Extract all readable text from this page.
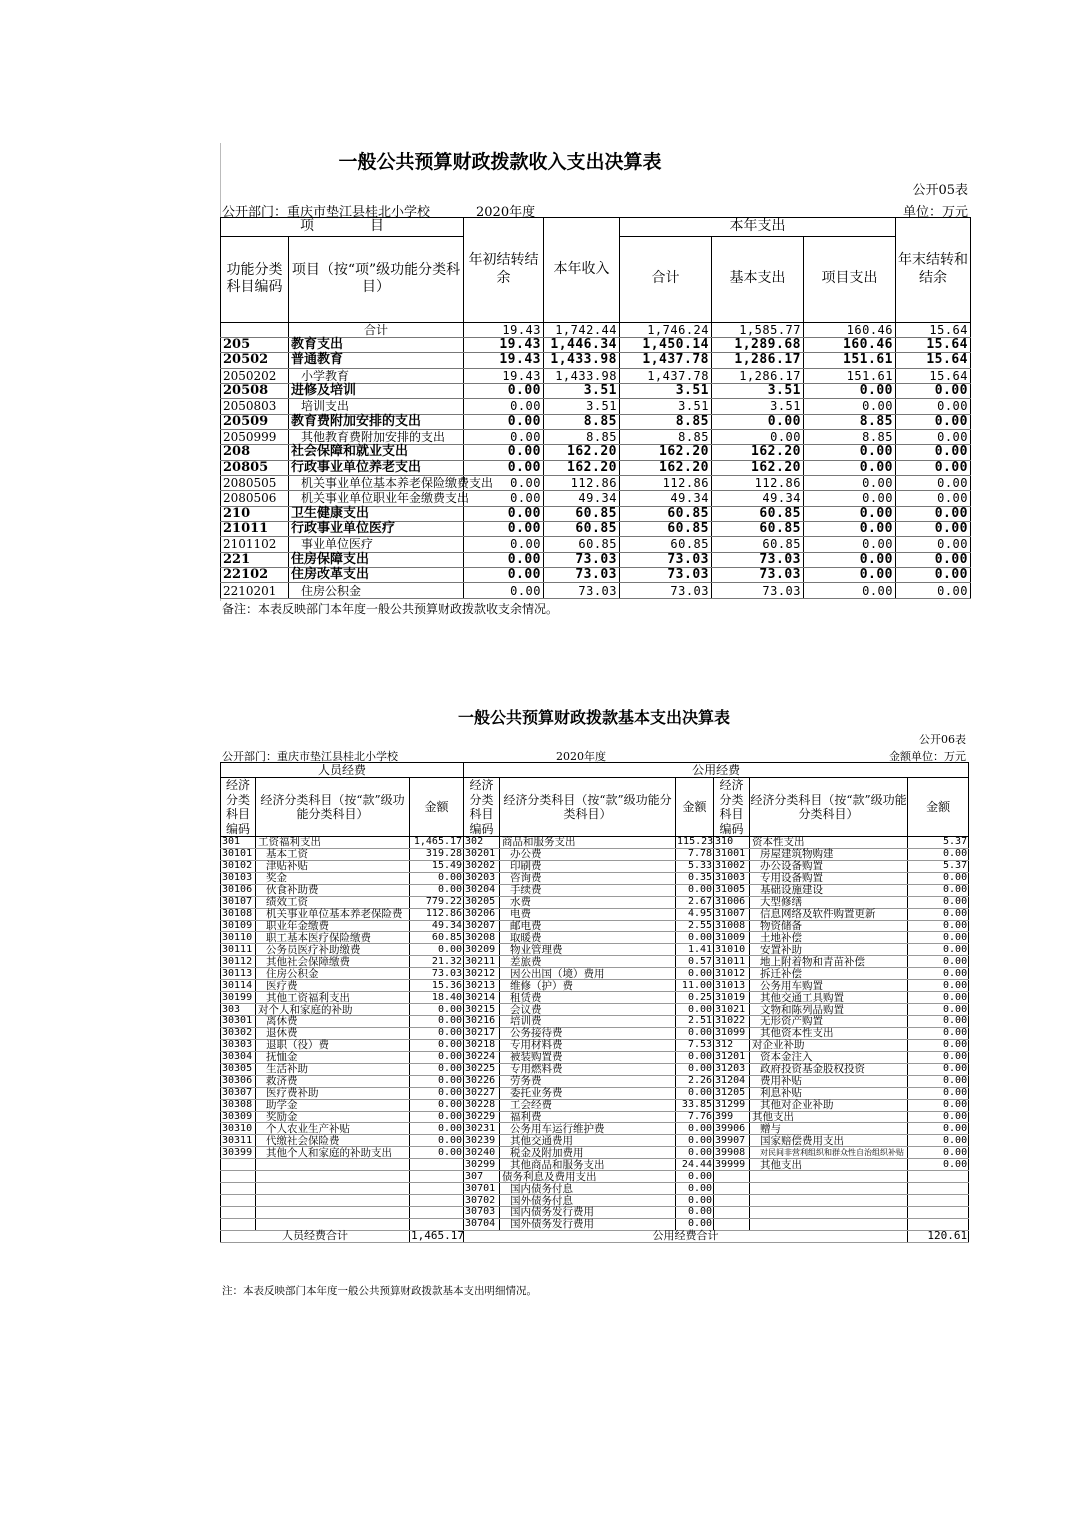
一般公共预算财政拨款收入支出决算表
公开05表
公开部门：重庆市垫江县桂北小学校	2020年度	单位：万元
项　　　　目		年初结转结余	本年收入	本年支出			年末结转和结余
功能分类科目编码	项目（按“项”级功能分类科目）			合计	基本支出	项目支出	
	合计	19.43	1,742.44	1,746.24	1,585.77	160.46	15.64
205	教育支出	19.43	1,446.34	1,450.14	1,289.68	160.46	15.64
20502	普通教育	19.43	1,433.98	1,437.78	1,286.17	151.61	15.64
2050202	小学教育	19.43	1,433.98	1,437.78	1,286.17	151.61	15.64
20508	进修及培训	0.00	3.51	3.51	3.51	0.00	0.00
2050803	培训支出	0.00	3.51	3.51	3.51	0.00	0.00
20509	教育费附加安排的支出	0.00	8.85	8.85	0.00	8.85	0.00
2050999	其他教育费附加安排的支出	0.00	8.85	8.85	0.00	8.85	0.00
208	社会保障和就业支出	0.00	162.20	162.20	162.20	0.00	0.00
20805	行政事业单位养老支出	0.00	162.20	162.20	162.20	0.00	0.00
2080505	机关事业单位基本养老保险缴费支出	0.00	112.86	112.86	112.86	0.00	0.00
2080506	机关事业单位职业年金缴费支出	0.00	49.34	49.34	49.34	0.00	0.00
210	卫生健康支出	0.00	60.85	60.85	60.85	0.00	0.00
21011	行政事业单位医疗	0.00	60.85	60.85	60.85	0.00	0.00
2101102	事业单位医疗	0.00	60.85	60.85	60.85	0.00	0.00
221	住房保障支出	0.00	73.03	73.03	73.03	0.00	0.00
22102	住房改革支出	0.00	73.03	73.03	73.03	0.00	0.00
2210201	住房公积金	0.00	73.03	73.03	73.03	0.00	0.00
备注：本表反映部门本年度一般公共预算财政拨款收支余情况。
一般公共预算财政拨款基本支出决算表
公开06表
公开部门：重庆市垫江县桂北小学校	2020年度	金额单位：万元
人员经费			公用经费					
经济分类科目编码	经济分类科目（按“款”级功能分类科目）	金额	经济分类科目编码	经济分类科目（按“款”级功能分类科目）	金额	经济分类科目编码	经济分类科目（按“款”级功能分类科目）	金额
301	工资福利支出	1,465.17	302	商品和服务支出	115.23	310	资本性支出	5.37
30101	基本工资	319.28	30201	办公费	7.78	31001	房屋建筑物购建	0.00
30102	津贴补贴	15.49	30202	印刷费	5.33	31002	办公设备购置	5.37
30103	奖金	0.00	30203	咨询费	0.35	31003	专用设备购置	0.00
30106	伙食补助费	0.00	30204	手续费	0.00	31005	基础设施建设	0.00
30107	绩效工资	779.22	30205	水费	2.67	31006	大型修缮	0.00
30108	机关事业单位基本养老保险费	112.86	30206	电费	4.95	31007	信息网络及软件购置更新	0.00
30109	职业年金缴费	49.34	30207	邮电费	2.55	31008	物资储备	0.00
30110	职工基本医疗保险缴费	60.85	30208	取暖费	0.00	31009	土地补偿	0.00
30111	公务员医疗补助缴费	0.00	30209	物业管理费	1.41	31010	安置补助	0.00
30112	其他社会保障缴费	21.32	30211	差旅费	0.57	31011	地上附着物和青苗补偿	0.00
30113	住房公积金	73.03	30212	因公出国（境）费用	0.00	31012	拆迁补偿	0.00
30114	医疗费	15.36	30213	维修（护）费	11.00	31013	公务用车购置	0.00
30199	其他工资福利支出	18.40	30214	租赁费	0.25	31019	其他交通工具购置	0.00
303	对个人和家庭的补助	0.00	30215	会议费	0.00	31021	文物和陈列品购置	0.00
30301	离休费	0.00	30216	培训费	2.51	31022	无形资产购置	0.00
30302	退休费	0.00	30217	公务接待费	0.00	31099	其他资本性支出	0.00
30303	退职（役）费	0.00	30218	专用材料费	7.53	312	对企业补助	0.00
30304	抚恤金	0.00	30224	被装购置费	0.00	31201	资本金注入	0.00
30305	生活补助	0.00	30225	专用燃料费	0.00	31203	政府投资基金股权投资	0.00
30306	救济费	0.00	30226	劳务费	2.26	31204	费用补贴	0.00
30307	医疗费补助	0.00	30227	委托业务费	0.00	31205	利息补贴	0.00
30308	助学金	0.00	30228	工会经费	33.85	31299	其他对企业补助	0.00
30309	奖励金	0.00	30229	福利费	7.76	399	其他支出	0.00
30310	个人农业生产补贴	0.00	30231	公务用车运行维护费	0.00	39906	赠与	0.00
30311	代缴社会保险费	0.00	30239	其他交通费用	0.00	39907	国家赔偿费用支出	0.00
30399	其他个人和家庭的补助支出	0.00	30240	税金及附加费用	0.00	39908	对民间非营利组织和群众性自治组织补贴	0.00
			30299	其他商品和服务支出	24.44	39999	其他支出	0.00
			307	债务利息及费用支出	0.00			
			30701	国内债务付息	0.00			
			30702	国外债务付息	0.00			
			30703	国内债务发行费用	0.00			
			30704	国外债务发行费用	0.00			
人员经费合计		1,465.17	公用经费合计					120.61
注：本表反映部门本年度一般公共预算财政拨款基本支出明细情况。
